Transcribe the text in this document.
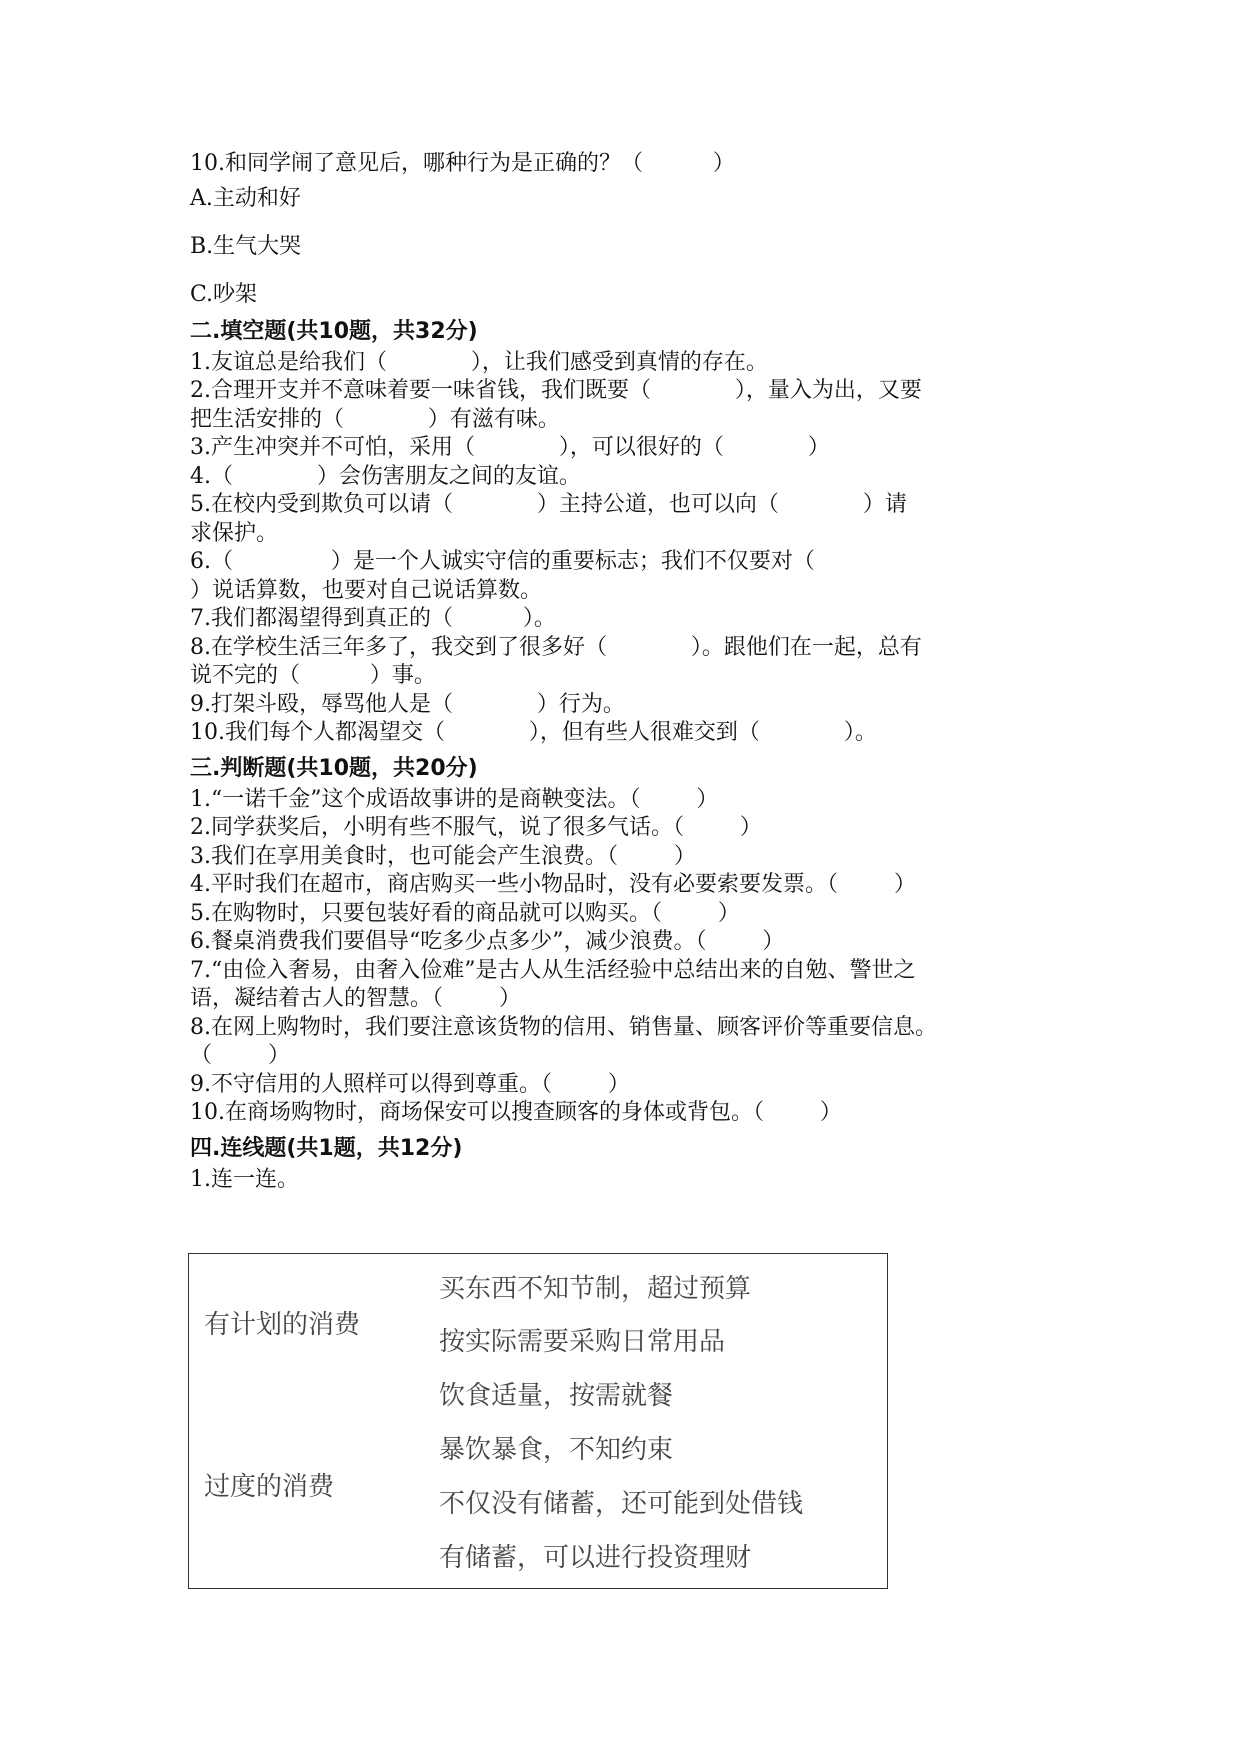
10.和同学闹了意见后，哪种行为是正确的？（          ）

A.主动和好

B.生气大哭

C.吵架

二.填空题(共10题，共32分)

1.友谊总是给我们（            ），让我们感受到真情的存在。

2.合理开支并不意味着要一味省钱，我们既要（            ），量入为出，又要

把生活安排的（            ）有滋有味。

3.产生冲突并不可怕，采用（            ），可以很好的（            ）

4.（            ）会伤害朋友之间的友谊。

5.在校内受到欺负可以请（            ）主持公道，也可以向（            ）请

求保护。

6.（              ）是一个人诚实守信的重要标志；我们不仅要对（

）说话算数，也要对自己说话算数。

7.我们都渴望得到真正的（          ）。

8.在学校生活三年多了，我交到了很多好（            ）。跟他们在一起，总有

说不完的（          ）事。

9.打架斗殴，辱骂他人是（            ）行为。

10.我们每个人都渴望交（            ），但有些人很难交到（            ）。

三.判断题(共10题，共20分)

1.“一诺千金”这个成语故事讲的是商鞅变法。（        ）

2.同学获奖后，小明有些不服气，说了很多气话。（        ）

3.我们在享用美食时，也可能会产生浪费。（        ）

4.平时我们在超市，商店购买一些小物品时，没有必要索要发票。（        ）

5.在购物时，只要包装好看的商品就可以购买。（        ）

6.餐桌消费我们要倡导“吃多少点多少”，减少浪费。（        ）

7.“由俭入奢易，由奢入俭难”是古人从生活经验中总结出来的自勉、警世之

语，凝结着古人的智慧。（        ）

8.在网上购物时，我们要注意该货物的信用、销售量、顾客评价等重要信息。

（        ）

9.不守信用的人照样可以得到尊重。（        ）

10.在商场购物时，商场保安可以搜查顾客的身体或背包。（        ）

四.连线题(共1题，共12分)

1.连一连。

有计划的消费
过度的消费
买东西不知节制，超过预算
按实际需要采购日常用品
饮食适量，按需就餐
暴饮暴食，不知约束
不仅没有储蓄，还可能到处借钱
有储蓄，可以进行投资理财
